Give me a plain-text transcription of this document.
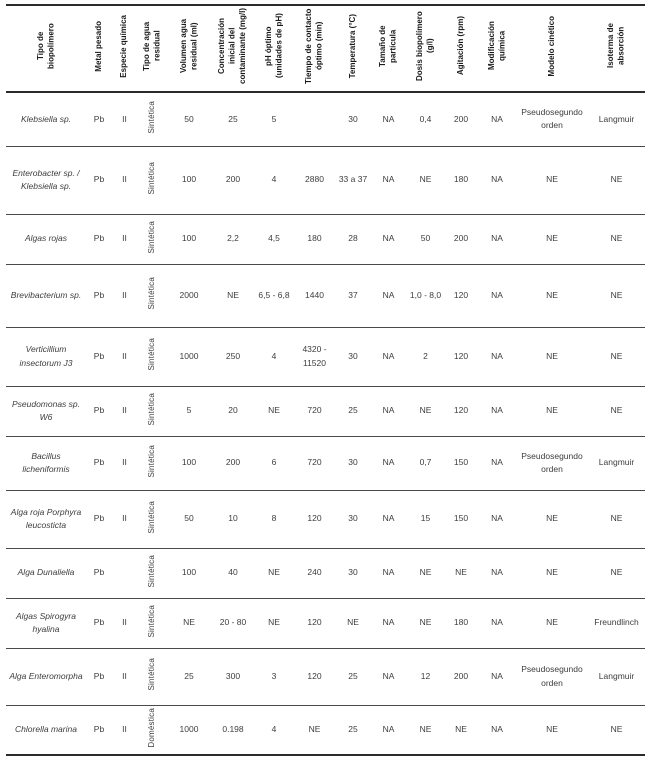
Tipo de biopolímero	Metal pesado	Especie química	Tipo de agua residual	Volumen agua residual (ml)	Concentración inicial del contaminante (mg/l)	pH óptimo (unidades de pH)	Tiempo de contacto óptimo (min)	Temperatura (°C)	Tamaño de partícula	Dosis biopolímero (g/l)	Agitación (rpm)	Modificación química	Modelo cinético	Isoterma de absorción
Klebsiella sp.	Pb	II	Sintética	50	25	5		30	NA	0,4	200	NA	Pseudosegundo orden	Langmuir
Enterobacter sp. / Klebsiella sp.	Pb	II	Sintética	100	200	4	2880	33 a 37	NA	NE	180	NA	NE	NE
Algas rojas	Pb	II	Sintética	100	2,2	4,5	180	28	NA	50	200	NA	NE	NE
Brevibacterium sp.	Pb	II	Sintética	2000	NE	6,5 - 6,8	1440	37	NA	1,0 - 8,0	120	NA	NE	NE
Verticillium insectorum J3	Pb	II	Sintética	1000	250	4	4320 - 11520	30	NA	2	120	NA	NE	NE
Pseudomonas sp. W6	Pb	II	Sintética	5	20	NE	720	25	NA	NE	120	NA	NE	NE
Bacillus licheniformis	Pb	II	Sintética	100	200	6	720	30	NA	0,7	150	NA	Pseudosegundo orden	Langmuir
Alga roja Porphyra leucosticta	Pb	II	Sintética	50	10	8	120	30	NA	15	150	NA	NE	NE
Alga Dunaliella	Pb		Sintética	100	40	NE	240	30	NA	NE	NE	NA	NE	NE
Algas Spirogyra hyalina	Pb	II	Sintética	NE	20 - 80	NE	120	NE	NA	NE	180	NA	NE	Freundlinch
Alga Enteromorpha	Pb	II	Sintética	25	300	3	120	25	NA	12	200	NA	Pseudosegundo orden	Langmuir
Chlorella marina	Pb	II	Doméstica	1000	0.198	4	NE	25	NA	NE	NE	NA	NE	NE
